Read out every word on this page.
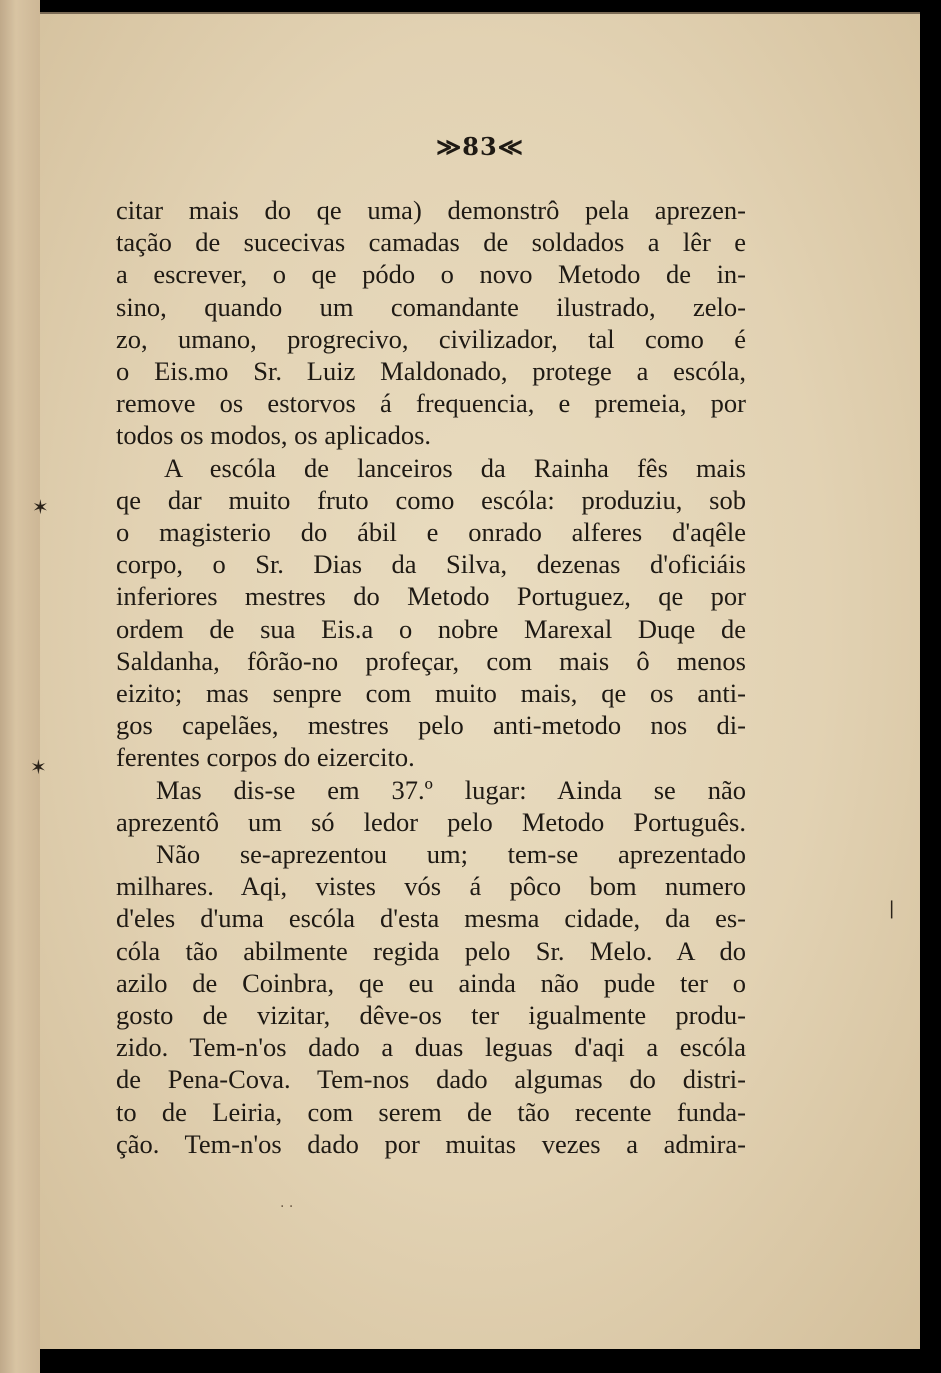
≫83≪
citar mais do qe uma) demonstrô pela aprezen-
tação de sucecivas camadas de soldados a lêr e
a escrever, o qe pódo o novo Metodo de in-
sino, quando um comandante ilustrado, zelo-
zo, umano, progrecivo, civilizador, tal como é
o Eis.mo Sr. Luiz Maldonado, protege a escóla,
remove os estorvos á frequencia, e premeia, por
todos os modos, os aplicados.
A escóla de lanceiros da Rainha fês mais
qe dar muito fruto como escóla: produziu, sob
o magisterio do ábil e onrado alferes d'aqêle
corpo, o Sr. Dias da Silva, dezenas d'oficiáis
inferiores mestres do Metodo Portuguez, qe por
ordem de sua Eis.a o nobre Marexal Duqe de
Saldanha, fôrão-no profeçar, com mais ô menos
eizito; mas senpre com muito mais, qe os anti-
gos capelães, mestres pelo anti-metodo nos di-
ferentes corpos do eizercito.
Mas dis-se em 37.º lugar: Ainda se não
aprezentô um só ledor pelo Metodo Português.
Não se-aprezentou um; tem-se aprezentado
milhares. Aqi, vistes vós á pôco bom numero
d'eles d'uma escóla d'esta mesma cidade, da es-
cóla tão abilmente regida pelo Sr. Melo. A do
azilo de Coinbra, qe eu ainda não pude ter o
gosto de vizitar, dêve-os ter igualmente produ-
zido. Tem-n'os dado a duas leguas d'aqi a escóla
de Pena-Cova. Tem-nos dado algumas do distri-
to de Leiria, com serem de tão recente funda-
ção. Tem-n'os dado por muitas vezes a admira-
· ·
✶
✶
❘
